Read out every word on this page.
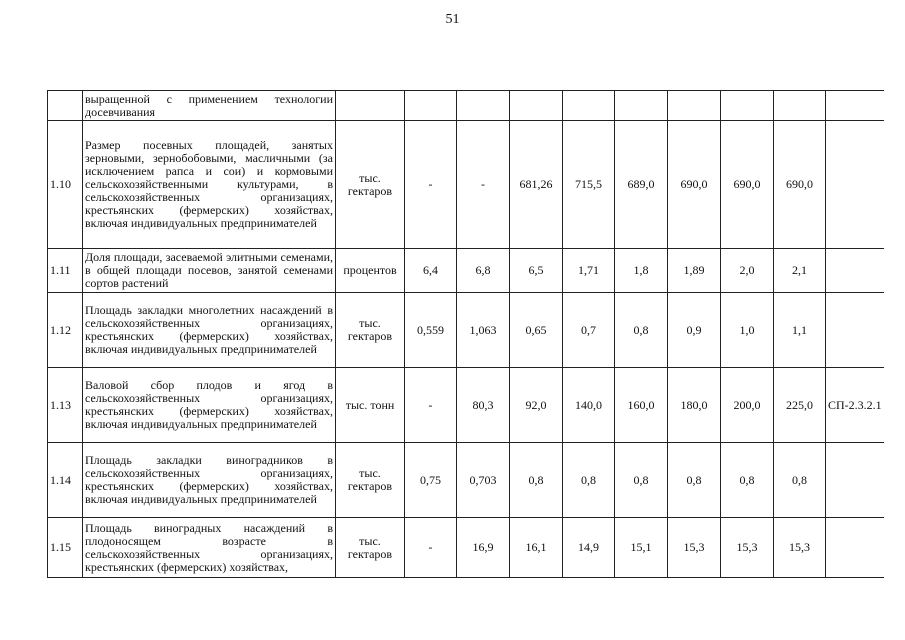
51
	выращенной с применением технологии досевчивания										
1.10	Размер посевных площадей, занятых зерновыми, зернобобовыми, масличными (за исключением рапса и сои) и кормовыми сельскохозяйственными культурами, в сельскохозяйственных организациях, крестьянских (фермерских) хозяйствах, включая индивидуальных предпринимателей	тыс. гектаров	-	-	681,26	715,5	689,0	690,0	690,0	690,0	
1.11	Доля площади, засеваемой элитными семенами, в общей площади посевов, занятой семенами сортов растений	процентов	6,4	6,8	6,5	1,71	1,8	1,89	2,0	2,1	
1.12	Площадь закладки многолетних насаждений в сельскохозяйственных организациях, крестьянских (фермерских) хозяйствах, включая индивидуальных предпринимателей	тыс. гектаров	0,559	1,063	0,65	0,7	0,8	0,9	1,0	1,1	
1.13	Валовой сбор плодов и ягод в сельскохозяйственных организациях, крестьянских (фермерских) хозяйствах, включая индивидуальных предпринимателей	тыс. тонн	-	80,3	92,0	140,0	160,0	180,0	200,0	225,0	СП-2.3.2.1
1.14	Площадь закладки виноградников в сельскохозяйственных организациях, крестьянских (фермерских) хозяйствах, включая индивидуальных предпринимателей	тыс. гектаров	0,75	0,703	0,8	0,8	0,8	0,8	0,8	0,8	
1.15	Площадь виноградных насаждений в плодоносящем возрасте в сельскохозяйственных организациях, крестьянских (фермерских) хозяйствах,	тыс. гектаров	-	16,9	16,1	14,9	15,1	15,3	15,3	15,3	
